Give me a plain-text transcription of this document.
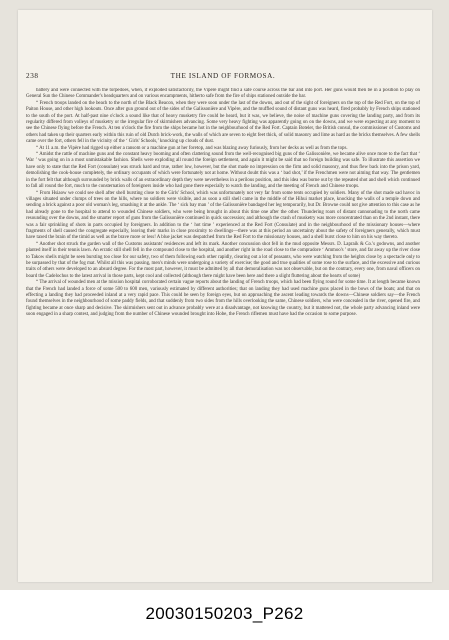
238	THE ISLAND OF FORMOSA.

battery and were connected with the torpedoes, when, if exploded satisfactorily, the Vipère might find a safe course across the bar and into port. Her guns would then be in a position to play on General Sun the Chinese Commander's headquarters and on various encampments, hitherto safe from the fire of ships stationed outside the bar.

“ French troops landed on the beach to the north of the Black Beacon, when they were soon under the last of the downs, and out of the sight of foreigners on the top of the Red Fort, on the top of Paiton House, and other high lookouts. Once after gun ground out of the sides of the Galissonière and Vipère, and the muffled sound of distant guns was heard, fired probably by French ships stationed to the south of the port. At half-past nine o'clock a sound like that of heavy musketry fire could be heard, but it was, we believe, the noise of machine guns covering the landing party, and from its regularity differed from volleys of musketry or the irregular fire of skirmishers advancing. Some very heavy fighting was apparently going on on the downs, and we were expecting at any moment to see the Chinese flying before the French. At ten o'clock the fire from the ships became hot in the neighbourhood of the Red Fort. Captain Boteler, the British consul, the commissioner of Customs and others had taken up their quarters early within this ruin of old Dutch brick-work, the walls of which are seven to eight feet thick, of solid masonry and lime as hard as the bricks themselves. A few shells came over the fort, others fell in the vicinity of the ‘ Girls' Schools,’ knocking up clouds of dust.

“ At 11 a.m. the Vipère had rigged up either a ransom or a machine gun at her foretop, and was blazing away furiously, from her decks as well as from the tops.

“ Amidst the rattle of machine guns and the constant heavy booming and often clattering sound from the well-recognised big guns of the Galissonière, we became alive once more to the fact that ‘ War ’ was going on in a most unmistakable fashion. Shells were exploding all round the foreign settlement, and again it might be said that no foreign building was safe. To illustrate this assertion we have only to state that the Red Fort (consulate) was struck hard and true, rather low, however, but the shot made no impression on the firm and solid masonry, and thus flew back into the prison yard, demolishing the cook-house completely, the ordinary occupants of which were fortunately not at home. Without doubt this was a ‘ bad shot,’ if the Frenchmen were not aiming that way. The gentlemen in the fort felt that although surrounded by brick walls of an extraordinary depth they were nevertheless in a perilous position, and this idea was borne out by the repeated shot and shell which continued to fall all round the fort, much to the consternation of foreigners inside who had gone there especially to watch the landing, and the meeting of French and Chinese troops.

“ From Hsiaow we could see shell after shell bursting close to the Girls' School, which was unfortunately not very far from some tents occupied by soldiers. Many of the shot made sad havoc in villages situated under clumps of trees on the hills, where no soldiers were visible, and as soon a still shell came in the middle of the Hihui market place, knocking the walls of a temple down and sending a brick against a poor old woman's leg, smashing it at the ankle. The ‘ sick bay man ’ of the Galissonière bandaged her leg temporarily, but Dr. Browne could not give attention to this case as he had already gone to the hospital to attend to wounded Chinese soldiers, who were being brought in about this time one after the other. Thundering roars of distant cannonading to the north came resounding over the downs, and the smarter report of guns from the Galissonière continued in quick succession; and although the crash of musketry was more concentrated than on the 2nd instant, there was a fair sprinkling of shots in parts occupied by foreigners. In addition to the ‘ hot time ’ experienced at the Red Fort (Consulate) and in the neighbourhood of the missionary houses—where fragments of shell caused the congregate especially, leaving their marks in close proximity to dwellings—there was at this period an uncertainty about the safety of foreigners generally, which must have taxed the brain of the timid as well as the brave more or less! A blue jacket was despatched from the Red Fort to the missionary houses, and a shell burst close to him on his way thereto.

“ Another shot struck the garden wall of the Customs assistants' residences and left its mark. Another concussion shot fell in the mud opposite Messrs. D. Lapraik & Co.'s godowns, and another planted itself in their tennis lawn. An erratic still shell fell in the compound close to the hospital, and another right in the road close to the compradore ‘ Ammoo's ’ store, and far away up the river close to Takow shells might be seen bursting too close for our safety, two of them following each other rapidly, clearing out a lot of peasants, who were watching from the heights close by a spectacle only to be surpassed by that of the fog mat. Whilst all this was passing, men's minds were undergoing a variety of exercise; the good and true qualities of some rose to the surface, and the excessive and curious traits of others were developed to an absurd degree. For the most part, however, it must be admitted by all that demoralisation was not observable, but on the contrary, every one, from naval officers on board the Cadelochus to the latest arrival in those parts, kept cool and collected (although there might have been here and there a slight fluttering about the hearts of some)

“ The arrival of wounded men at the mission hospital corroborated certain vague reports about the landing of French troops, which had been flying round for some time. It at length became known that the French had landed a force of some 500 to 600 men, variously estimated by different authorities; that on landing they had used machine guns placed in the bows of the boats; and that on effecting a landing they had proceeded inland at a very rapid pace. This could be seen by foreign eyes, but on approaching the ascent leading towards the downs—Chinese soldiers say—the French found themselves in the neighbourhood of some paddy fields, and that suddenly from two sides from the hills overlooking the same, Chinese soldiers, who were concealed in the river, opened fire, and fighting became at once sharp and decisive. The skirmishers sent out in advance probably were at a disadvantage, not knowing the country, but it mattered not, the whole party advancing inland were soon engaged in a sharp contest, and judging from the number of Chinese wounded brought into Hobe, the French riflemen must have had the occasion to some purpose.

20030150203_P262
